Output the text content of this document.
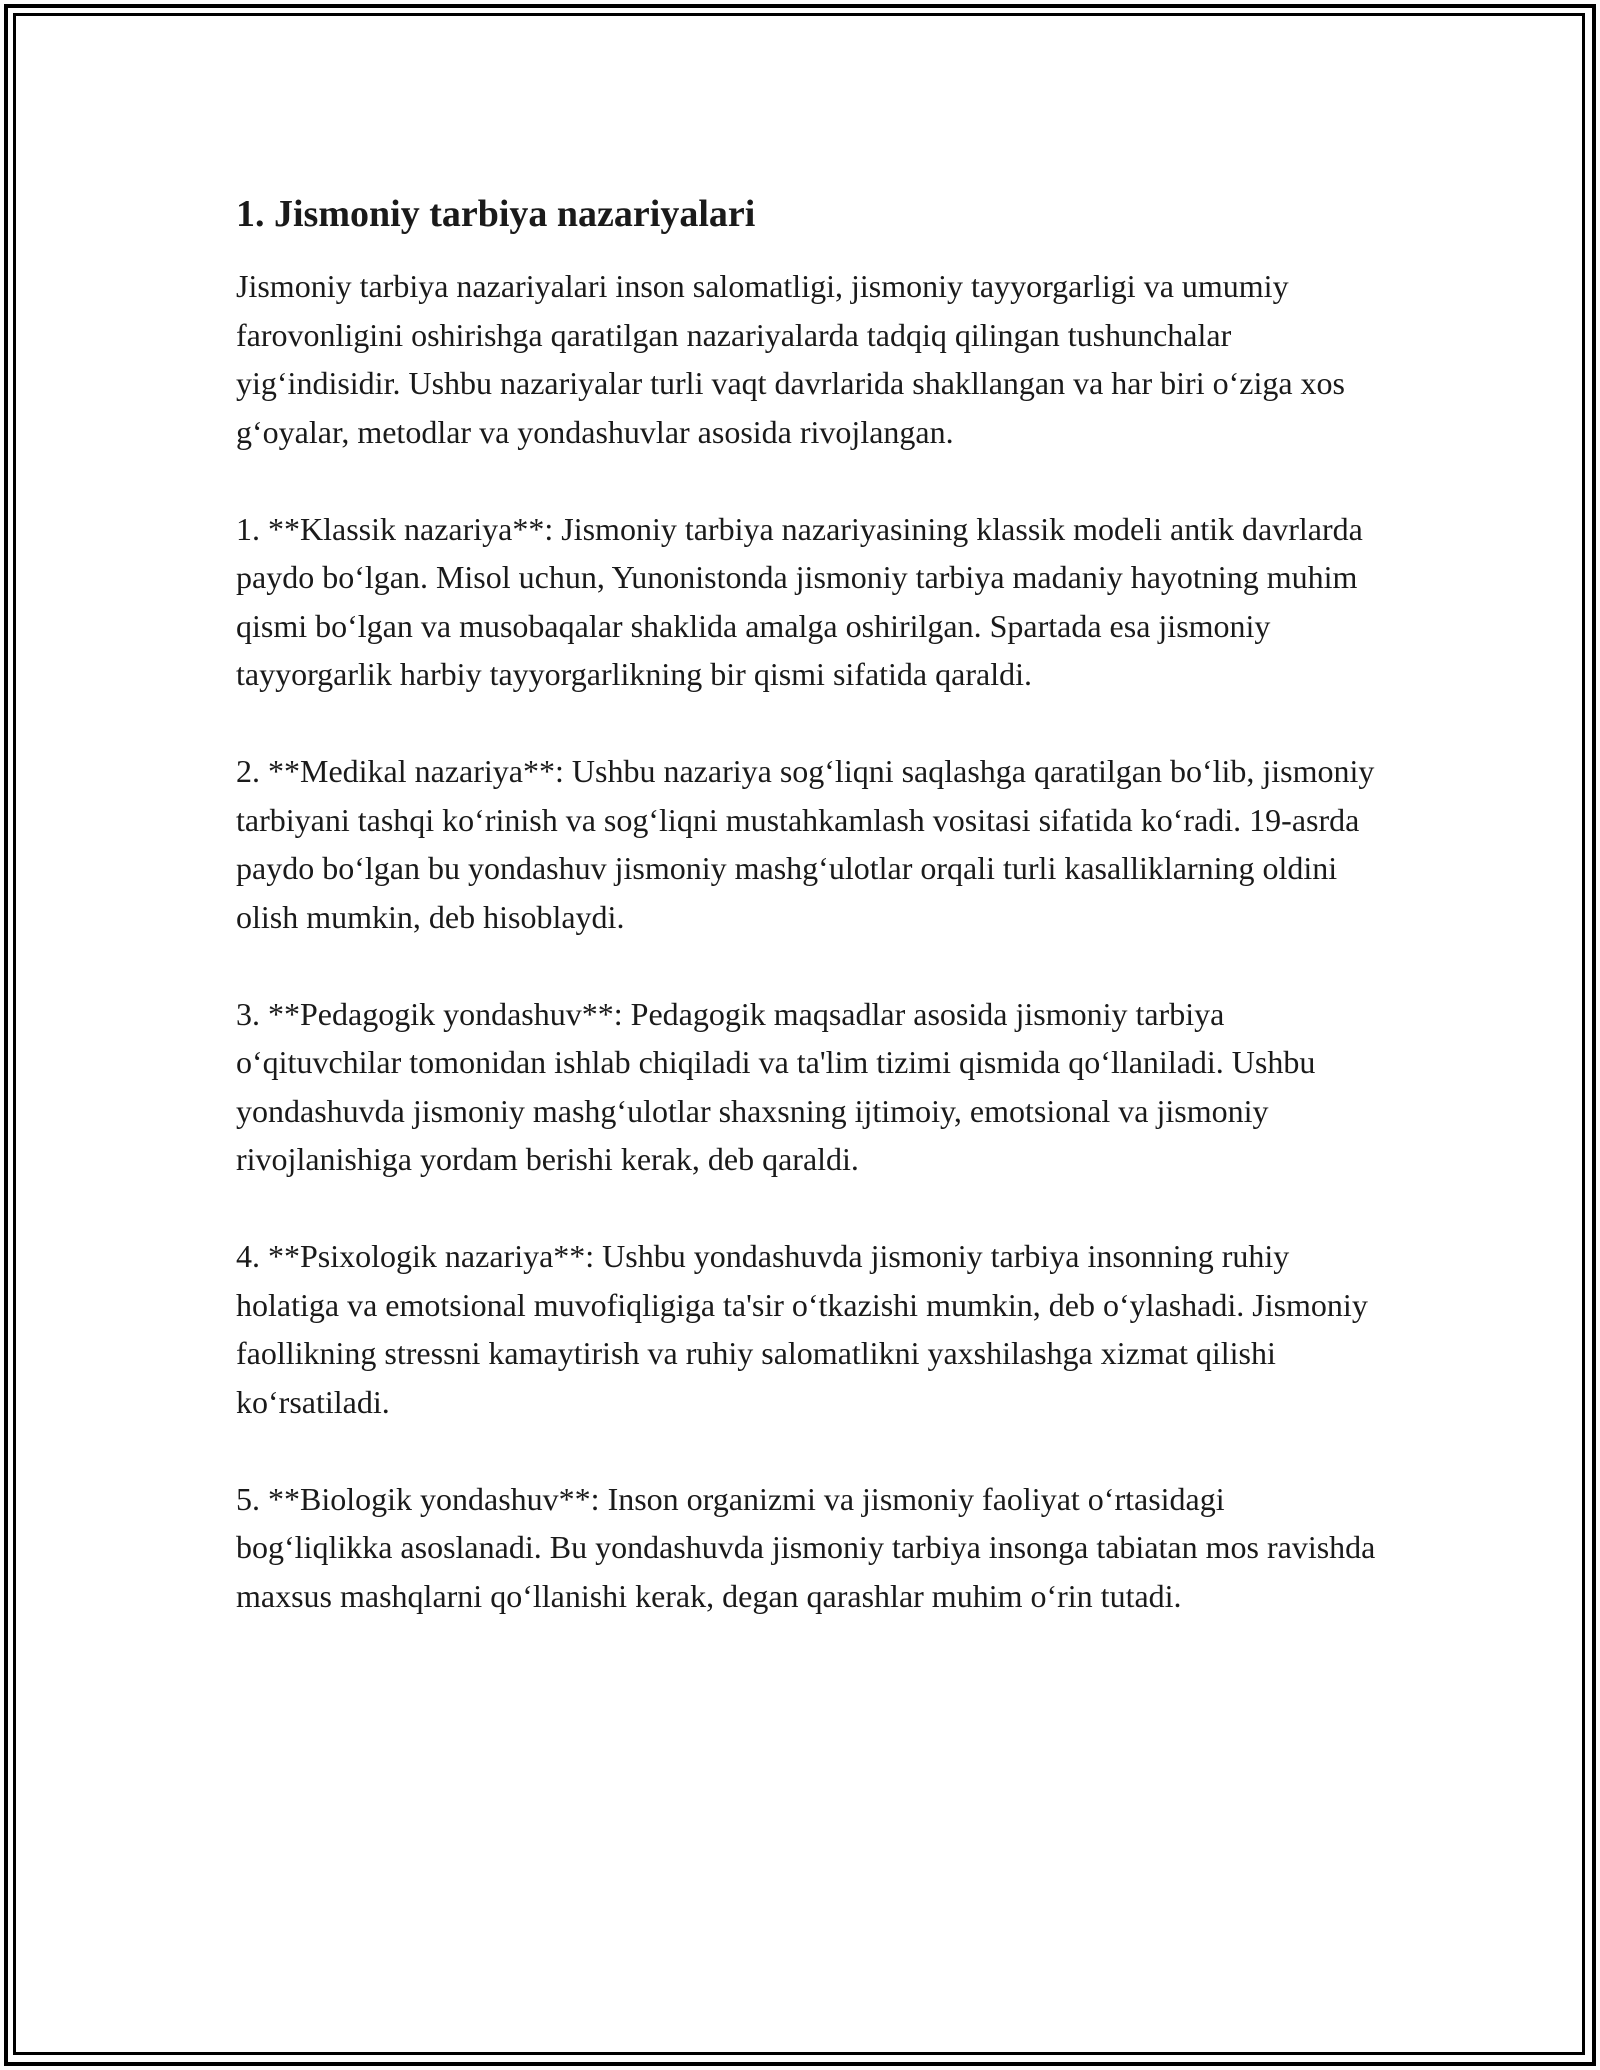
1. Jismoniy tarbiya nazariyalari

Jismoniy tarbiya nazariyalari inson salomatligi, jismoniy tayyorgarligi va umumiy farovonligini oshirishga qaratilgan nazariyalarda tadqiq qilingan tushunchalar yig‘indisidir. Ushbu nazariyalar turli vaqt davrlarida shakllangan va har biri o‘ziga xos g‘oyalar, metodlar va yondashuvlar asosida rivojlangan.

1. **Klassik nazariya**: Jismoniy tarbiya nazariyasining klassik modeli antik davrlarda paydo bo‘lgan. Misol uchun, Yunonistonda jismoniy tarbiya madaniy hayotning muhim qismi bo‘lgan va musobaqalar shaklida amalga oshirilgan. Spartada esa jismoniy tayyorgarlik harbiy tayyorgarlikning bir qismi sifatida qaraldi.

2. **Medikal nazariya**: Ushbu nazariya sog‘liqni saqlashga qaratilgan bo‘lib, jismoniy tarbiyani tashqi ko‘rinish va sog‘liqni mustahkamlash vositasi sifatida ko‘radi. 19-asrda paydo bo‘lgan bu yondashuv jismoniy mashg‘ulotlar orqali turli kasalliklarning oldini olish mumkin, deb hisoblaydi.

3. **Pedagogik yondashuv**: Pedagogik maqsadlar asosida jismoniy tarbiya o‘qituvchilar tomonidan ishlab chiqiladi va ta'lim tizimi qismida qo‘llaniladi. Ushbu yondashuvda jismoniy mashg‘ulotlar shaxsning ijtimoiy, emotsional va jismoniy rivojlanishiga yordam berishi kerak, deb qaraldi.

4. **Psixologik nazariya**: Ushbu yondashuvda jismoniy tarbiya insonning ruhiy holatiga va emotsional muvofiqligiga ta'sir o‘tkazishi mumkin, deb o‘ylashadi. Jismoniy faollikning stressni kamaytirish va ruhiy salomatlikni yaxshilashga xizmat qilishi ko‘rsatiladi.

5. **Biologik yondashuv**: Inson organizmi va jismoniy faoliyat o‘rtasidagi bog‘liqlikka asoslanadi. Bu yondashuvda jismoniy tarbiya insonga tabiatan mos ravishda maxsus mashqlarni qo‘llanishi kerak, degan qarashlar muhim o‘rin tutadi.
